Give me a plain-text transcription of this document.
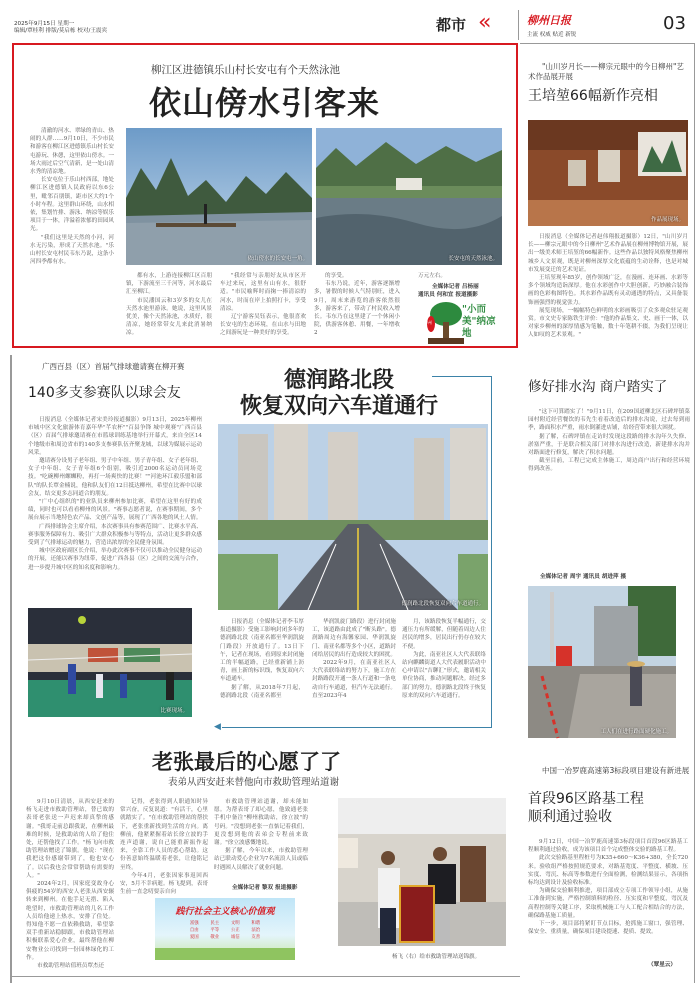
2025年9月15日 星期一
编辑/覃桂利 排版/莫启栋 校对/王震宾	都市 «	柳州日报
主流 权威 贴近 新锐
03
柳江区进德镇乐山村长安屯有个天然泳池
依山傍水引客来

清澈的河水、翠绿的青山、热闹的人群……9月10日，不少市民和游客在柳江区进德镇乐山村长安屯游玩、休憩，这里依山傍水。一场大雨过后空气清新，是一处山清水秀的清凉地。

长安屯位于乐山村西部，地处柳江区进德镇人民政府以东6公里，毗邻百朋镇，距市区大约1个小时车程。这里群山环绕，山水相依，集划竹排、游泳、纳凉等娱乐项目于一体，洋溢着浓郁的田园风光。

"我们这里是天然的小河，河水无污染，形成了天然水池。"乐山村长安屯村民韦东乃说，这条小河四季都有水。

依山傍水的长安屯一角。	长安屯的天然泳池。

都有水，上游连接柳江区百朋镇，下游流至三千河等，河水最后汇至柳江。

市民潘国云和3岁多的女儿在天然水池里游泳。她说，这里风景优美，像个天然泳池，水质好，很清凉，她经常带女儿来此消暑纳凉。

"我经常与亲朋好友从市区开车过来玩，这里有山有水，很舒适。"市民喻辉时而掬一捧清凉的河水，时而在岸上拍照打卡，享受清凉。

辽宁游客吴钰表示，他很喜欢长安屯的生态环境，在山水与田地之间游玩是一种美好的享受。

的享受。

韦东乃说，近年，游客逐渐增多，暑假的时候人气特别旺，进入9月，周末来游览的游客依然很多，游客来了，带动了村民收入增长。韦东乃在这里建了一个休闲小院，供游客休憩、用餐，一年增收2

万元左右。
全媒体记者 吕杨丽
通讯员 何和宜 报道摄影
柳州
"小而美"纳凉地
"山川岁月长——柳宗元眼中的今日柳州"艺术作品展开展
王培堃66幅新作亮相
作品展现场。

日报消息（全媒体记者赵伟翔报道摄影）12日，"山川岁月长——柳宗元眼中的今日柳州"艺术作品展在柳州博物馆开展，展出一级美术师王培堃的66幅新作。这些作品以独特风格聚焦柳州城乡人文景观，既是对柳州深厚文化底蕴的生动诠释，也是对城市发展变迁的艺术见证。

王培堃现年85岁，创作领域广泛，在漫画、连环画、水彩等多个领域均造诣深厚。他在水彩创作中大胆创新，巧妙融合装饰画的色彩构图特色。其水彩作品既有灵动通透的特点，又具备装饰画强烈的视觉张力。

展览现场，一幅幅特色鲜明的水彩画吸引了众多观众驻足观赏。市文史专家陈铁生评价："他的作品集文、史、画于一体，以对家乡柳州的深厚情感为笔触，数十年笔耕不辍，为我们呈现让人如叹的艺术景观。"

广西百县（区）首届气排球邀请赛在柳开赛
140多支参赛队以球会友

日报消息（全媒体记者宋美玲报道摄影）9月13日，2025年柳州市城中区文化旅游体育嘉年华"芊农杯""百县争锋 城中观赛"广西百县（区）首届气排球邀请赛在市篮球训练基地举行开幕式，来自全区14个地级市和周边省市的140多支参赛队伍齐聚龙城，以球为媒展示运动风采。

邀请赛分设男子老年组、男子中年组、男子青年组、女子老年组、女子中年组、女子青年组6个组别，吸引近2000名运动员同场竞技。"吃碗柳州螺蛳粉，再打一场爽快的比赛！""河池环江毅乐盟和部队"的队长覃金楠说，他和队友们在12日抵达柳州，希望在比赛中以球会友，结交更多志同道合的朋友。

"广中心组织的"的业队员来柳州参加比赛，希望在这里有好的成绩，同时也可以看看柳州的风景。"赛事志愿者说，在赛事期间，多个展台展示当地特色农产品、文创产品等，展现了广西各地的风土人情。

广西排球协会主席介绍，本次赛事具有参赛范围广、比赛水平高、赛事服务保障有力、吸引广大群众积极参与等特点，活动让更多群众感受到了气排球运动的魅力，营造出浓厚的全民健身氛围。

城中区政府副区长介绍，举办此次赛事不仅可以推动全民健身运动的开展，还能以赛事为纽带，促进广西各县（区）之间的交流与合作，进一步提升城中区的知名度和影响力。

比赛现场。
德润路北段
恢复双向六车道通行
◀
德润路北段恢复双向六车道通行。

日报消息（全媒体记者李韦厚报道摄影）受施工影响封闭多年的德润路北段（南亚名都至华润凯旋门路段）开放通行了。13日下午，记者在现场，看到原来封闭施工的半幅道路，已经重新铺上沥青，画上新的标识线，恢复双向六车道通车。

据了解，从2018年7月起，德润路北段（南亚名都至

华润凯旋门路段）进行封闭施工，该道路由此成了"断头路"。德润路周边有海馨家园、华润凯旋门、南亚名都等多个小区，道路封闭给居民的出行造成较大的困扰。

2022年9月，在南亚社区人大代表联络站的努力下，施工方在封路路段开通一条人行道和一条电动自行车通道，但汽车无法通行。直至2023年4

月，该路段恢复半幅通行，交通压力有所缓解，但随着周边人住居民的增多，居民出行仍存在较大不便。

为此，南亚社区人大代表联络站向麒麟街道人大代表履职活动中心申请以"吉聊汇"形式，邀请相关单位协商，推动问题解决。经过多部门的努力，德润路北段终于恢复原来的双向六车道通行。

修好排水沟 商户踏实了

"这下可算踏实了！"9月11日，在209国道柳北区石碑坪镇菜园村附近经营餐饮的韦先生看着改造后的排水沟说，过去每到雨季，路面积水严重，雨水倒灌进店铺，给经营带来很大困扰。

据了解，石碑坪镇在走访时发现这段路的排水沟年久失修、淤塞严重，于是联合相关部门对排水沟进行改造，新建排水沟并对路面进行修复，解决了积水问题。

截至目前，工程已完成主体施工，周边商户出行和经营环境得到改善。

全媒体记者 周宇 通讯员 胡进萍 摄
工人们在进行路面硬化施工。
老张最后的心愿了了
表弟从西安赶来替他向市救助管理站道谢

9月10日清晨，从西安赶来的杨飞走进市救助管理站，替已故的表哥老张送一声迟来却真挚的感谢。"我哥走前总跟我说，在柳州最难的时候，是救助站的人给了他住处，还帮他找了工作。"杨飞向市救助管理站赠送了锦旗。他说："现在我把这份感谢带到了，他也安心了。以后我也会常常帮助有需要的人。"

2024年2月，因家庭变故身心俱疲的54岁的西安人老张从西安辗转来到柳州。在他手足无措、陷入绝望时，市救助管理站的几名工作人员给他递上热水，安排了住处。得知他不愿一直依赖救助，希望靠双手重新站稳脚跟，市救助管理站积极联系爱心企业，最终帮他在柳安物业公司找到一份园林绿化的工作。

市救助管理站值班员覃杰还

记得，老张得到人职通知时异常兴奋，反复说道："有活干，心里就踏实了。"在市救助管理站的帮扶下，老张重新找到生活的方向。离柳前，他紧紧握着站长徐立波的手连声道谢，说自己能重新振作起来，全靠工作人员的悉心帮助。这份善意始终温暖着老张，让他铭记至终。

今年4月，老张因家事返回西安，5月不幸病逝。杨飞提到，表哥生前一直念叨要亲自向

市救助管理站道谢，却未能如愿。为帮表哥了却心愿，他致通老张手机中备注"柳州救助站，徐立波"的号码。"没想到老张一直惦记着我们，更没想到他的表弟会专程前来致谢。"徐立波感慨地说。

据了解，今年以来，市救助管理站已联动爱心企业为7名流浪人员或临时遇困人员解决了就业问题。

全媒体记者 黎双 报道摄影
践行社会主义核心价值观
富强	民主	文明	和谐
自由	平等	公正	法治
爱国	敬业	诚信	友善
杨飞（右）给市救助管理站送锦旗。
中国一冶罗鹿高速第3标段项目建设有新进展
首段96区路基工程
顺利通过验收

9月12日，中国一冶罗鹿高速第3标段项目首段96区路基工程顺利通过验收，成为该项目首个完成整体交验的路基工程。

此次交验路基里程桩号为K35+660～K36+380，全长720米。验收组严格按照规范要求，对路基宽度、平整度、横坡、压实度、弯沉、标高等参数进行全面检测，检测结果显示，各项指标均达到设计及验收标准。

为确保交验顺利推进，项目部成立专项工作领导小组，从施工准备到实施，严格控制填料的粒径、压实度和平整度，弯沉及高程控制等关键工序，采取机械施工与人工配合相结合的方法，确保路基施工质量。

下一步，项目部将紧盯节点目标，抢抓施工窗口，强管理、保安全、重质量，确保项目建设提速、提质、提效。

（覃星云）
